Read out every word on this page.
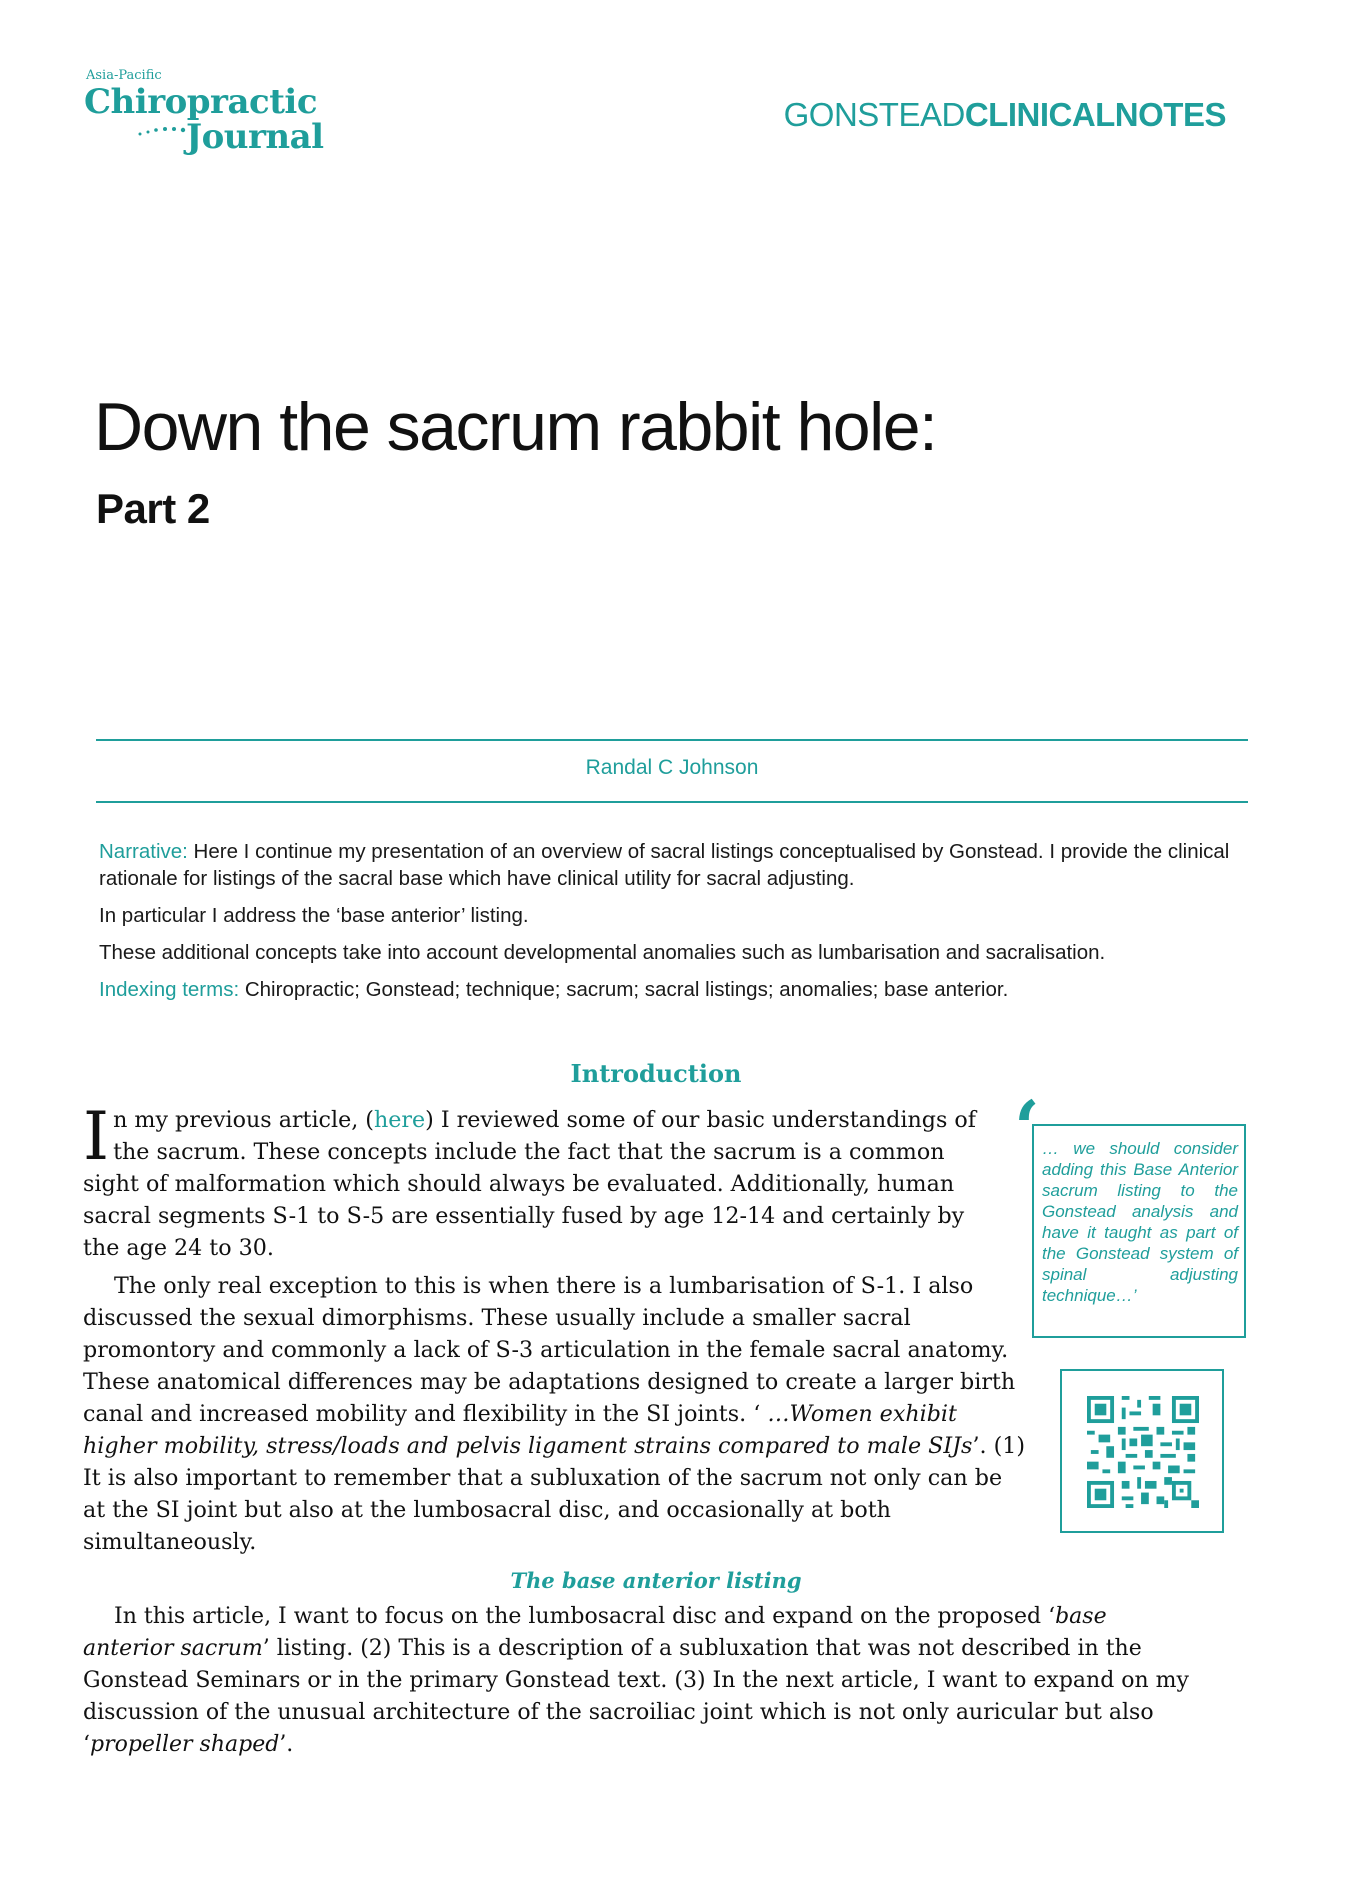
Asia-Pacific
Chiropractic
Journal
GONSTEADCLINICALNOTES
Down the sacrum rabbit hole:
Part 2
Randal C Johnson

Narrative: Here I continue my presentation of an overview of sacral listings conceptualised by Gonstead. I provide the clinical rationale for listings of the sacral base which have clinical utility for sacral adjusting.

In particular I address the ‘base anterior’ listing.

These additional concepts take into account developmental anomalies such as lumbarisation and sacralisation.

Indexing terms: Chiropractic; Gonstead; technique; sacrum; sacral listings; anomalies; base anterior.

Introduction
In my previous article, (here) I reviewed some of our basic understandings of the sacrum. These concepts include the fact that the sacrum is a common sight of malformation which should always be evaluated. Additionally, human sacral segments S-1 to S-5 are essentially fused by age 12-14 and certainly by the age 24 to 30.
The only real exception to this is when there is a lumbarisation of S-1. I also discussed the sexual dimorphisms. These usually include a smaller sacral promontory and commonly a lack of S-3 articulation in the female sacral anatomy. These anatomical differences may be adaptations designed to create a larger birth canal and increased mobility and flexibility in the SI joints. ‘ …Women exhibit higher mobility, stress/loads and pelvis ligament strains compared to male SIJs’. (1) It is also important to remember that a subluxation of the sacrum not only can be at the SI joint but also at the lumbosacral disc, and occasionally at both simultaneously.
The base anterior listing
In this article, I want to focus on the lumbosacral disc and expand on the proposed ‘base anterior sacrum’ listing. (2) This is a description of a subluxation that was not described in the Gonstead Seminars or in the primary Gonstead text. (3) In the next article, I want to expand on my discussion of the unusual architecture of the sacroiliac joint which is not only auricular but also ‘propeller shaped’.
‘ … we should consider adding this Base Anterior sacrum listing to the Gonstead analysis and have it taught as part of the Gonstead system of spinal adjusting technique…’
